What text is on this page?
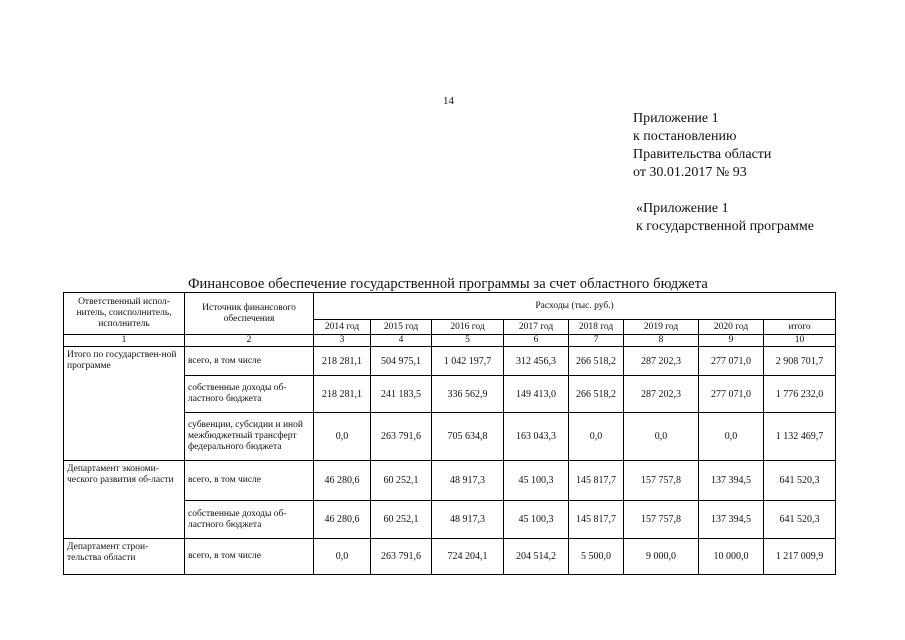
14
Приложение 1
к постановлению
Правительства области
от 30.01.2017 № 93
«Приложение 1
к государственной программе
Финансовое обеспечение государственной программы за счет областного бюджета
Ответственный испол-нитель, соисполнитель, исполнитель	Источник финансового обеспечения	Расходы (тыс. руб.)							
		2014 год	2015 год	2016 год	2017 год	2018 год	2019 год	2020 год	итого
1	2	3	4	5	6	7	8	9	10
Итого по государствен-ной программе	всего, в том числе	218 281,1	504 975,1	1 042 197,7	312 456,3	266 518,2	287 202,3	277 071,0	2 908 701,7
	собственные доходы об-ластного бюджета	218 281,1	241 183,5	336 562,9	149 413,0	266 518,2	287 202,3	277 071,0	1 776 232,0
	субвенции, субсидии и иной межбюджетный трансферт федерального бюджета	0,0	263 791,6	705 634,8	163 043,3	0,0	0,0	0,0	1 132 469,7
Департамент экономи-ческого развития об-ласти	всего, в том числе	46 280,6	60 252,1	48 917,3	45 100,3	145 817,7	157 757,8	137 394,5	641 520,3
	собственные доходы об-ластного бюджета	46 280,6	60 252,1	48 917,3	45 100,3	145 817,7	157 757,8	137 394,5	641 520,3
Департамент строи-тельства области	всего, в том числе	0,0	263 791,6	724 204,1	204 514,2	5 500,0	9 000,0	10 000,0	1 217 009,9
